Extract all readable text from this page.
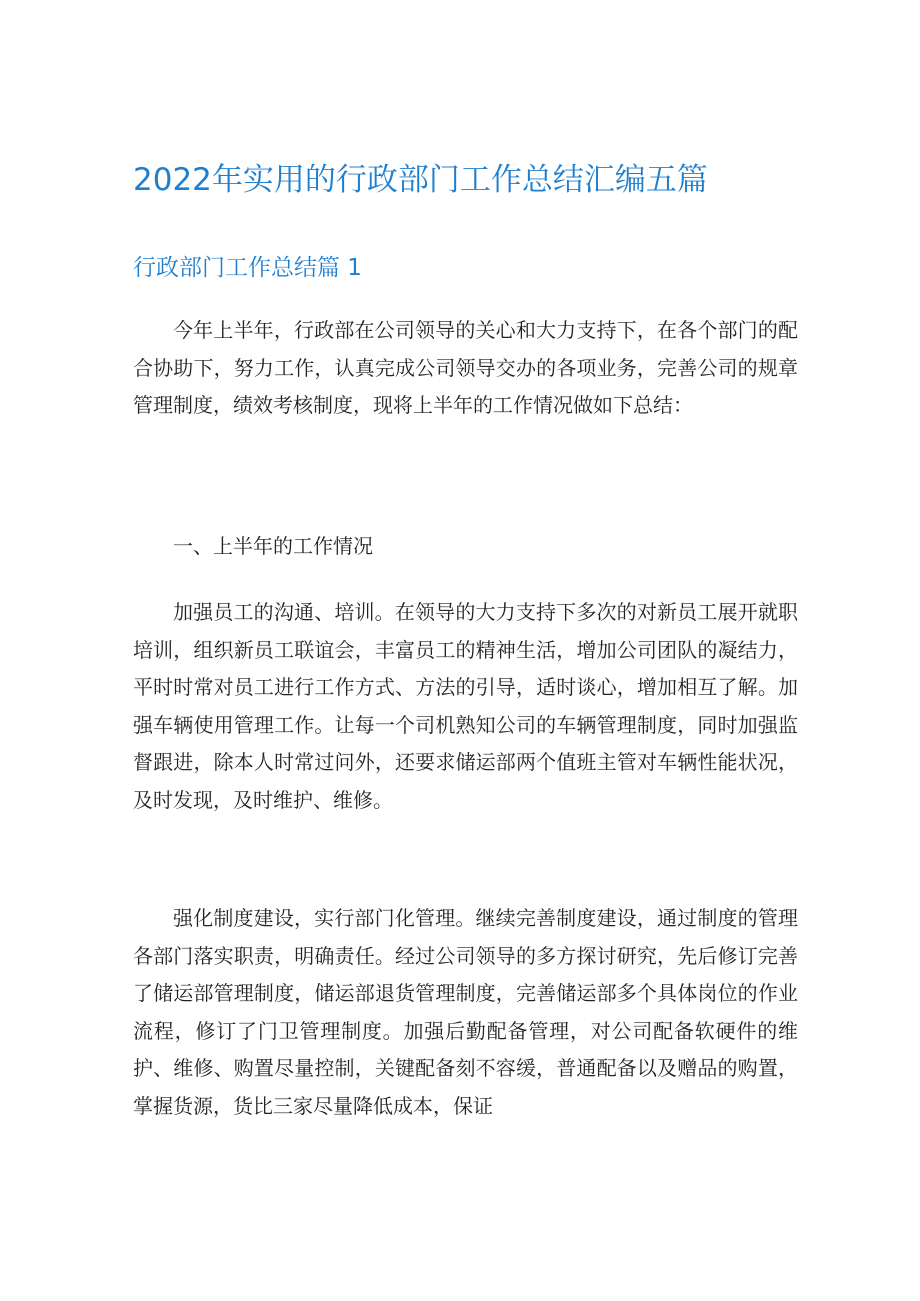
2022年实用的行政部门工作总结汇编五篇
行政部门工作总结篇 1

今年上半年，行政部在公司领导的关心和大力支持下，在各个部门的配合协助下，努力工作，认真完成公司领导交办的各项业务，完善公司的规章管理制度，绩效考核制度，现将上半年的工作情况做如下总结：

一、上半年的工作情况

加强员工的沟通、培训。在领导的大力支持下多次的对新员工展开就职培训，组织新员工联谊会，丰富员工的精神生活，增加公司团队的凝结力，平时时常对员工进行工作方式、方法的引导，适时谈心，增加相互了解。加强车辆使用管理工作。让每一个司机熟知公司的车辆管理制度，同时加强监督跟进，除本人时常过问外，还要求储运部两个值班主管对车辆性能状况，及时发现，及时维护、维修。

强化制度建设，实行部门化管理。继续完善制度建设，通过制度的管理各部门落实职责，明确责任。经过公司领导的多方探讨研究，先后修订完善了储运部管理制度，储运部退货管理制度，完善储运部多个具体岗位的作业流程，修订了门卫管理制度。加强后勤配备管理，对公司配备软硬件的维护、维修、购置尽量控制，关键配备刻不容缓，普通配备以及赠品的购置，掌握货源，货比三家尽量降低成本，保证
